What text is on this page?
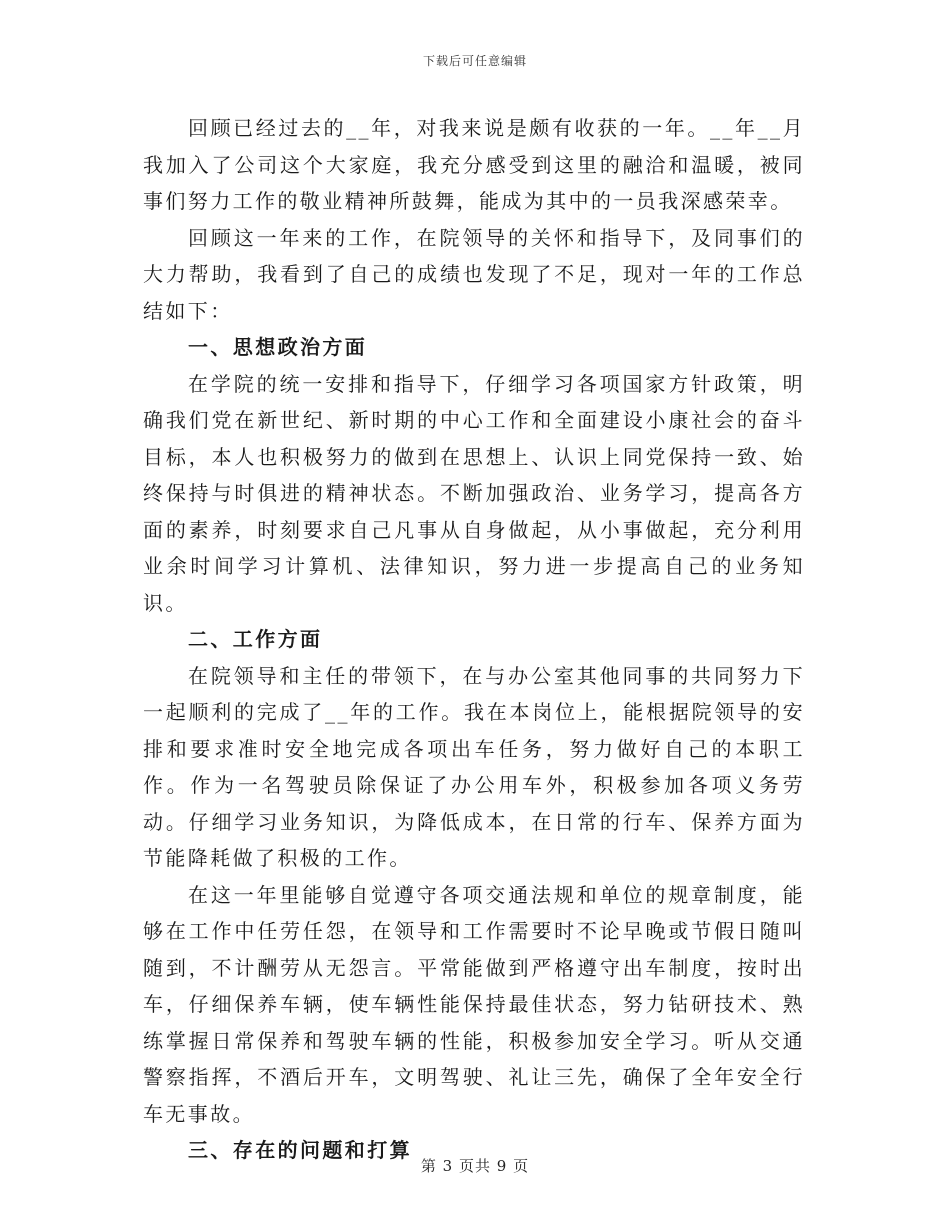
下载后可任意编辑

回顾已经过去的__年，对我来说是颇有收获的一年。__年__月我加入了公司这个大家庭，我充分感受到这里的融洽和温暖，被同事们努力工作的敬业精神所鼓舞，能成为其中的一员我深感荣幸。

回顾这一年来的工作，在院领导的关怀和指导下，及同事们的大力帮助，我看到了自己的成绩也发现了不足，现对一年的工作总结如下：

一、思想政治方面

在学院的统一安排和指导下，仔细学习各项国家方针政策，明确我们党在新世纪、新时期的中心工作和全面建设小康社会的奋斗目标，本人也积极努力的做到在思想上、认识上同党保持一致、始终保持与时俱进的精神状态。不断加强政治、业务学习，提高各方面的素养，时刻要求自己凡事从自身做起，从小事做起，充分利用业余时间学习计算机、法律知识，努力进一步提高自己的业务知识。

二、工作方面

在院领导和主任的带领下，在与办公室其他同事的共同努力下一起顺利的完成了__年的工作。我在本岗位上，能根据院领导的安排和要求准时安全地完成各项出车任务，努力做好自己的本职工作。作为一名驾驶员除保证了办公用车外，积极参加各项义务劳动。仔细学习业务知识，为降低成本，在日常的行车、保养方面为节能降耗做了积极的工作。

在这一年里能够自觉遵守各项交通法规和单位的规章制度，能够在工作中任劳任怨，在领导和工作需要时不论早晚或节假日随叫随到，不计酬劳从无怨言。平常能做到严格遵守出车制度，按时出车，仔细保养车辆，使车辆性能保持最佳状态，努力钻研技术、熟练掌握日常保养和驾驶车辆的性能，积极参加安全学习。听从交通警察指挥，不酒后开车，文明驾驶、礼让三先，确保了全年安全行车无事故。

三、存在的问题和打算

第 3 页共 9 页
